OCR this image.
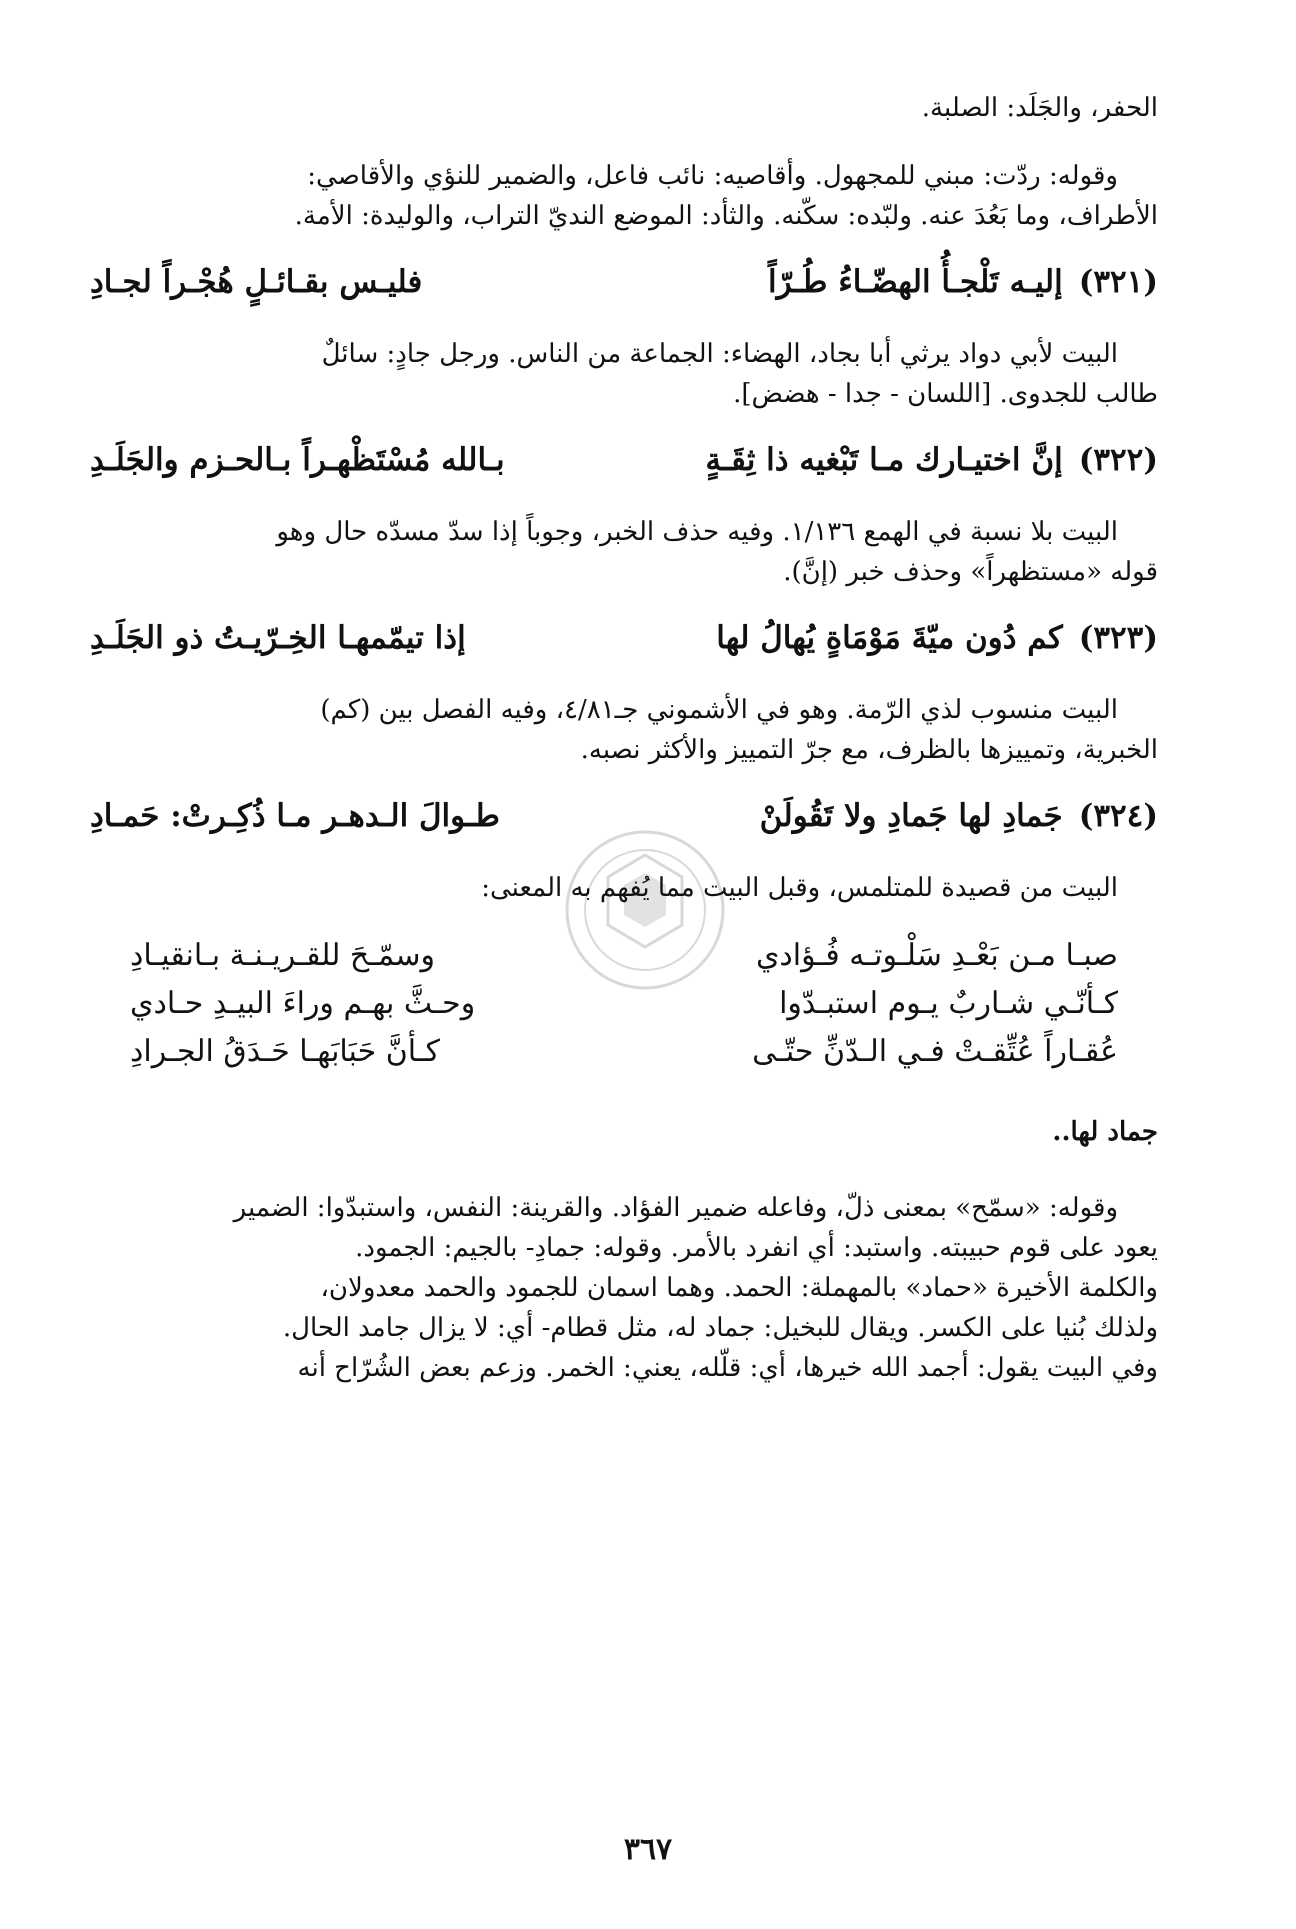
الحفر، والجَلَد: الصلبة.

وقوله: ردّت: مبني للمجهول. وأقاصيه: نائب فاعل، والضمير للنؤي والأقاصي:

الأطراف، وما بَعُدَ عنه. ولبّده: سكّنه. والثأد: الموضع النديّ التراب، والوليدة: الأمة.

(٣٢١)
إليـه تَلْجـأُ الهضّـاءُ طُـرّاً
فليـس بقـائـلٍ هُجْـراً لجـادِ

البيت لأبي دواد يرثي أبا بجاد، الهضاء: الجماعة من الناس. ورجل جادٍ: سائلٌ

طالب للجدوى. [اللسان - جدا - هضض].

(٣٢٢)
إنَّ اختيـارك مـا تَبْغيه ذا ثِقَـةٍ
بـالله مُسْتَظْهـراً بـالحـزم والجَلَـدِ

البيت بلا نسبة في الهمع ١/١٣٦. وفيه حذف الخبر، وجوباً إذا سدّ مسدّه حال وهو

قوله «مستظهراً» وحذف خبر (إنَّ).

(٣٢٣)
كم دُون ميّةَ مَوْمَاةٍ يُهالُ لها
إذا تيمّمهـا الخِـرّيـتُ ذو الجَلَـدِ

البيت منسوب لذي الرّمة. وهو في الأشموني جـ٤/٨١، وفيه الفصل بين (كم)

الخبرية، وتمييزها بالظرف، مع جرّ التمييز والأكثر نصبه.

(٣٢٤)
جَمادِ لها جَمادِ ولا تَقُولَنْ
طـوالَ الـدهـر مـا ذُكِـرتْ: حَمـادِ

البيت من قصيدة للمتلمس، وقبل البيت مما يُفهم به المعنى:

صبـا مـن بَعْـدِ سَلْـوتـه فُـؤادي
وسمّـحَ للقـريـنـة بـانقيـادِ
كـأنّـي شـاربٌ يـوم استبـدّوا
وحـثَّ بهـم وراءَ البيـدِ حـادي
عُقـاراً عُتِّقـتْ فـي الـدّنِّ حتّـى
كـأنَّ حَبَابَهـا حَـدَقُ الجـرادِ

جماد لها..

وقوله: «سمّح» بمعنى ذلّ، وفاعله ضمير الفؤاد. والقرينة: النفس، واستبدّوا: الضمير

يعود على قوم حبيبته. واستبد: أي انفرد بالأمر. وقوله: جمادِ- بالجيم: الجمود.

والكلمة الأخيرة «حماد» بالمهملة: الحمد. وهما اسمان للجمود والحمد معدولان،

ولذلك بُنيا على الكسر. ويقال للبخيل: جماد له، مثل قطام- أي: لا يزال جامد الحال.

وفي البيت يقول: أجمد الله خيرها، أي: قلّله، يعني: الخمر. وزعم بعض الشُرّاح أنه

٣٦٧
